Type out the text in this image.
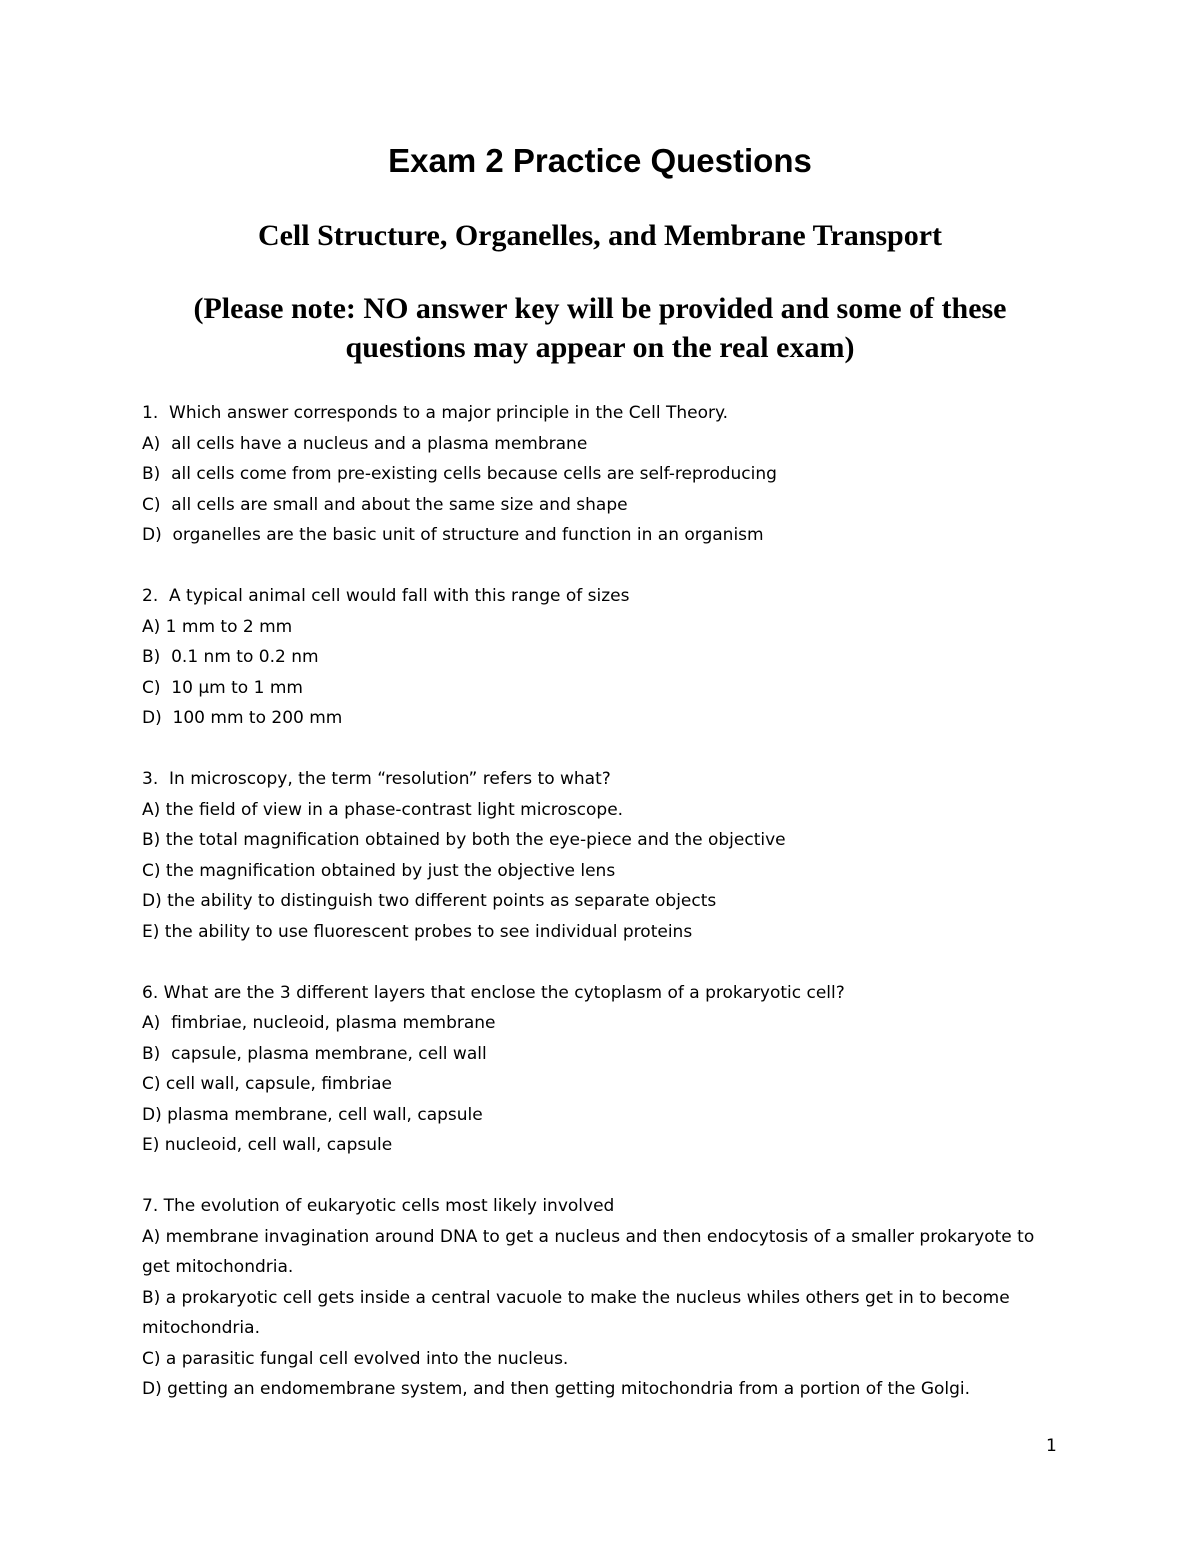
Exam 2 Practice Questions
Cell Structure, Organelles, and Membrane Transport
(Please note: NO answer key will be provided and some of these
questions may appear on the real exam)
1.  Which answer corresponds to a major principle in the Cell Theory.
A)  all cells have a nucleus and a plasma membrane
B)  all cells come from pre-existing cells because cells are self-reproducing
C)  all cells are small and about the same size and shape
D)  organelles are the basic unit of structure and function in an organism
2.  A typical animal cell would fall with this range of sizes
A) 1 mm to 2 mm
B)  0.1 nm to 0.2 nm
C)  10 µm to 1 mm
D)  100 mm to 200 mm
3.  In microscopy, the term “resolution” refers to what?
A) the field of view in a phase-contrast light microscope.
B) the total magnification obtained by both the eye-piece and the objective
C) the magnification obtained by just the objective lens
D) the ability to distinguish two different points as separate objects
E) the ability to use fluorescent probes to see individual proteins
6. What are the 3 different layers that enclose the cytoplasm of a prokaryotic cell?
A)  fimbriae, nucleoid, plasma membrane
B)  capsule, plasma membrane, cell wall
C) cell wall, capsule, fimbriae
D) plasma membrane, cell wall, capsule
E) nucleoid, cell wall, capsule
7. The evolution of eukaryotic cells most likely involved
A) membrane invagination around DNA to get a nucleus and then endocytosis of a smaller prokaryote to
get mitochondria.
B) a prokaryotic cell gets inside a central vacuole to make the nucleus whiles others get in to become
mitochondria.
C) a parasitic fungal cell evolved into the nucleus.
D) getting an endomembrane system, and then getting mitochondria from a portion of the Golgi.
1
